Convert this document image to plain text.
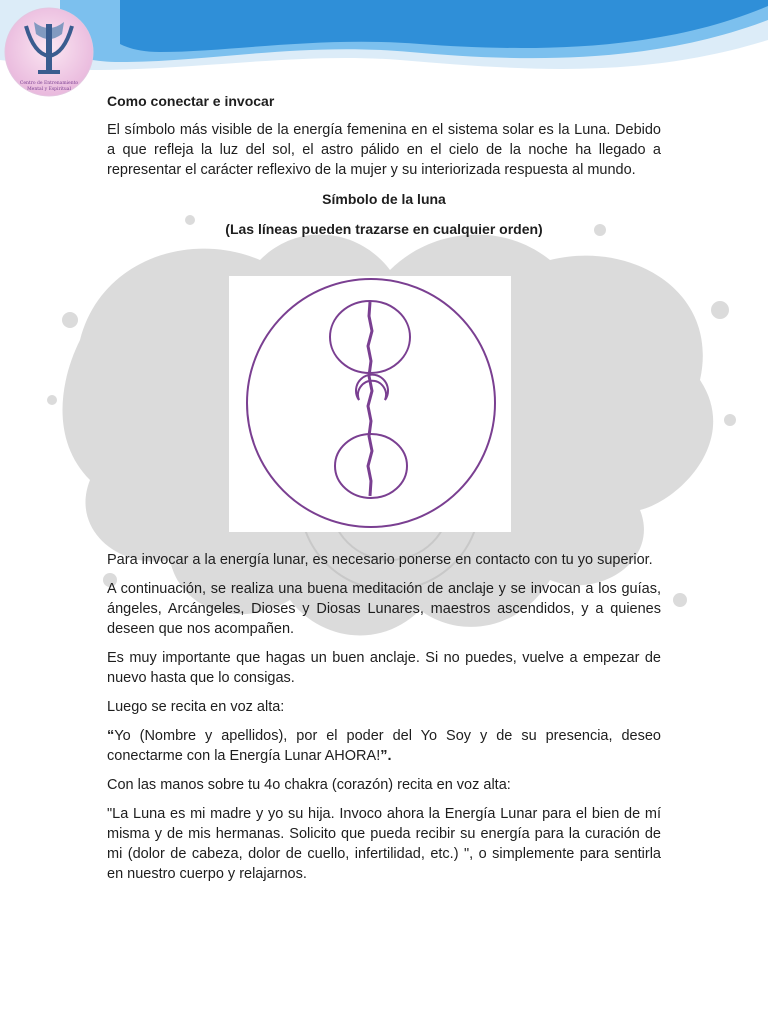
Centro de Entrenamiento
Mental y Espiritual

Como conectar e invocar

El símbolo más visible de la energía femenina en el sistema solar es la Luna. Debido a que refleja la luz del sol, el astro pálido en el cielo de la noche ha llegado a representar el carácter reflexivo de la mujer y su interiorizada respuesta al mundo.

Símbolo de la luna

(Las líneas pueden trazarse en cualquier orden)

Para invocar a la energía lunar, es necesario ponerse en contacto con tu yo superior.

A continuación, se realiza una buena meditación de anclaje y se invocan a los guías, ángeles, Arcángeles, Dioses y Diosas Lunares, maestros ascendidos, y a quienes deseen que nos acompañen.

Es muy importante que hagas un buen anclaje. Si no puedes, vuelve a empezar de nuevo hasta que lo consigas.

Luego se recita en voz alta:

“Yo (Nombre y apellidos), por el poder del Yo Soy y de su presencia, deseo conectarme con la Energía Lunar AHORA!”.

Con las manos sobre tu 4o chakra (corazón) recita en voz alta:

"La Luna es mi madre y yo su hija. Invoco ahora la Energía Lunar para el bien de mí misma y de mis hermanas. Solicito que pueda recibir su energía para la curación de mi (dolor de cabeza, dolor de cuello, infertilidad, etc.) ", o simplemente para sentirla en nuestro cuerpo y relajarnos.
